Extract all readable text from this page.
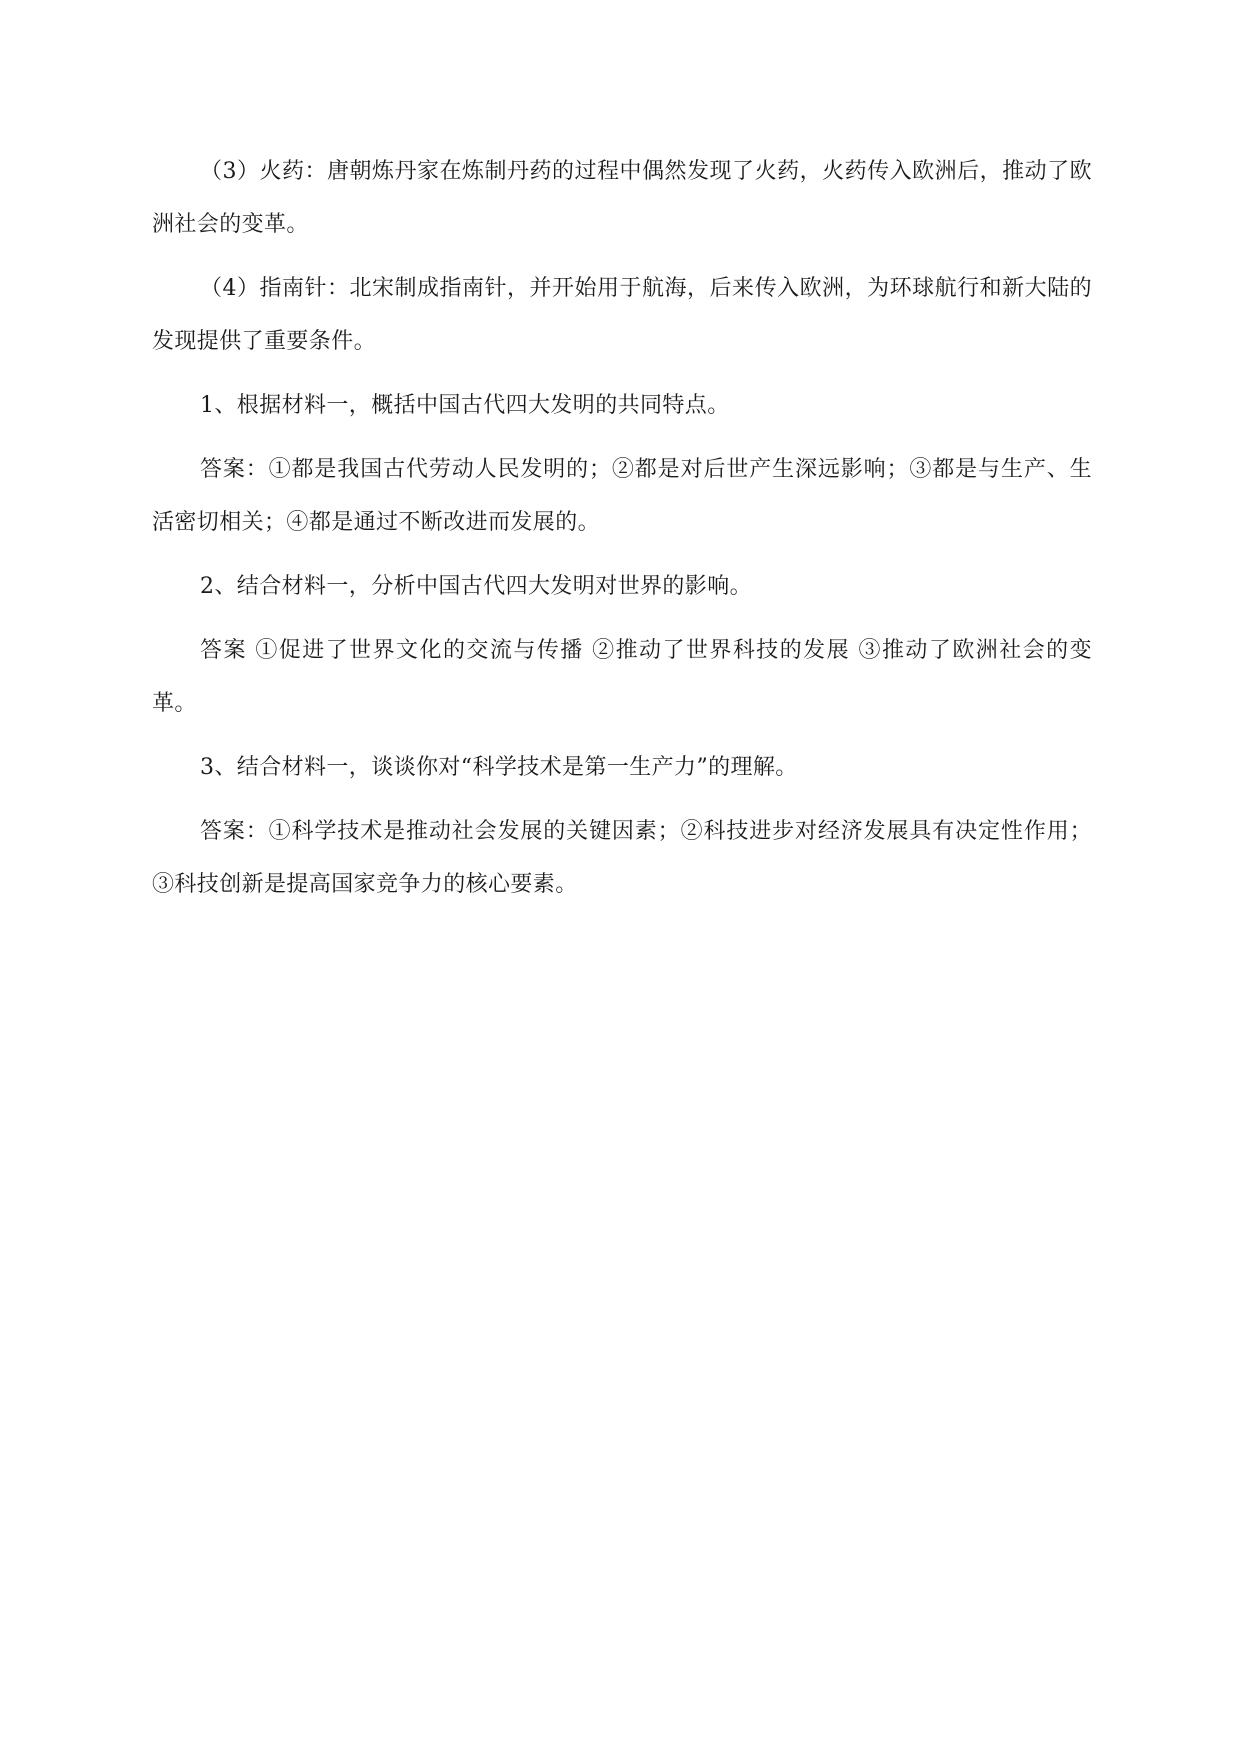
（3）火药：唐朝炼丹家在炼制丹药的过程中偶然发现了火药，火药传入欧洲后，推动了欧洲社会的变革。

（4）指南针：北宋制成指南针，并开始用于航海，后来传入欧洲，为环球航行和新大陆的发现提供了重要条件。

1、根据材料一，概括中国古代四大发明的共同特点。

答案：①都是我国古代劳动人民发明的；②都是对后世产生深远影响；③都是与生产、生活密切相关；④都是通过不断改进而发展的。

2、结合材料一，分析中国古代四大发明对世界的影响。

答案 ①促进了世界文化的交流与传播 ②推动了世界科技的发展 ③推动了欧洲社会的变革。

3、结合材料一，谈谈你对“科学技术是第一生产力”的理解。

答案：①科学技术是推动社会发展的关键因素；②科技进步对经济发展具有决定性作用；③科技创新是提高国家竞争力的核心要素。
